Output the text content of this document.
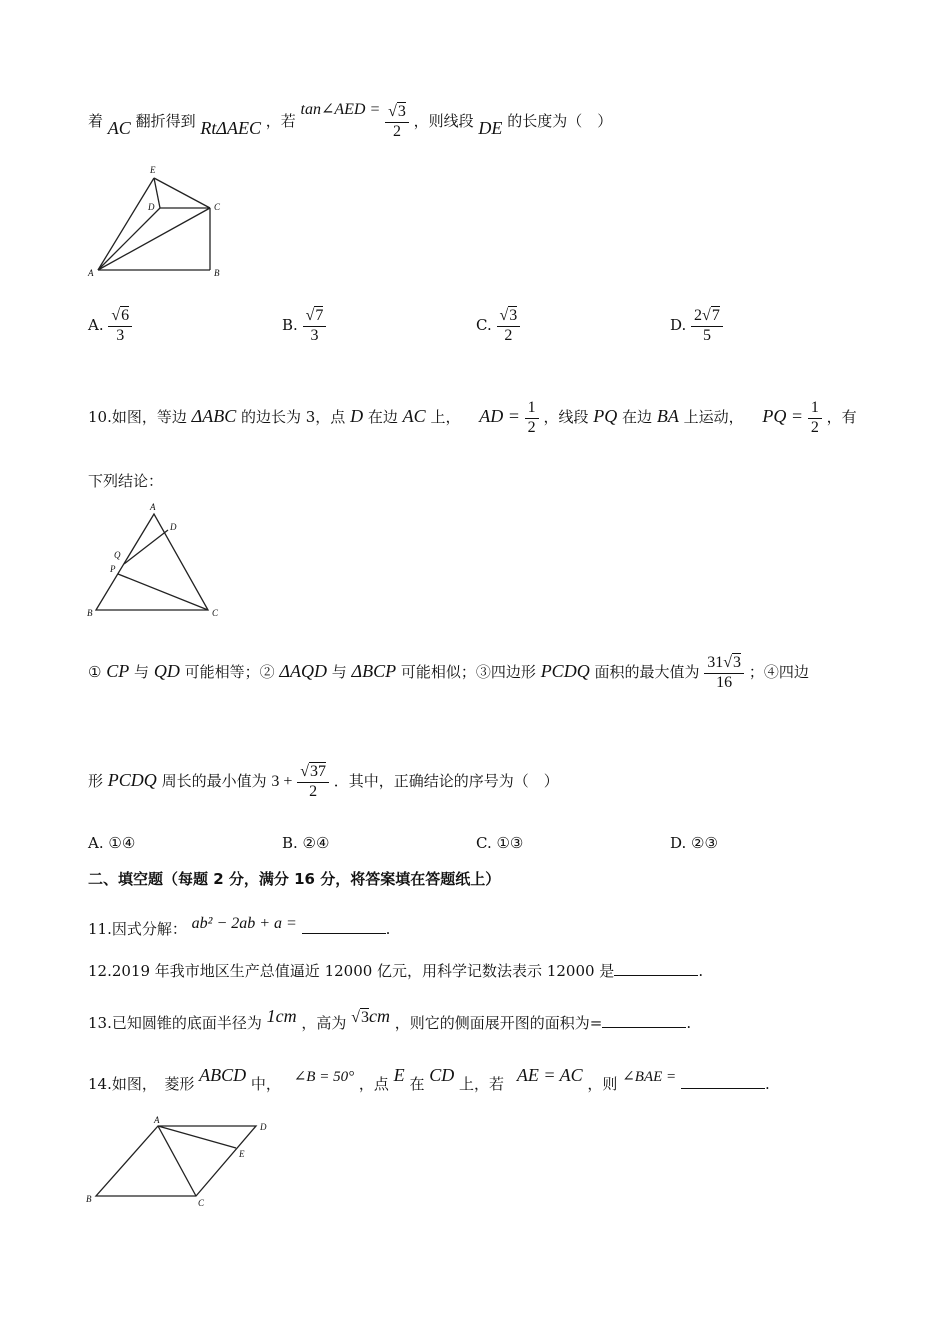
着 AC 翻折得到 RtΔAEC ，若 tan∠AED = $\frac{√3}{2}$ ，则线段 DE 的长度为（　）
E
D	C
A	B
A. $\frac{√6}{3}$	B. $\frac{√7}{3}$	C. $\frac{√3}{2}$	D. $\frac{2√7}{5}$
10.如图，等边 ΔABC 的边长为 3，点 D 在边 AC 上， AD = $\frac{1}{2}$ ，线段 PQ 在边 BA 上运动， PQ = $\frac{1}{2}$ ，有
下列结论：
A
D
Q
P
B	C
① CP 与 QD 可能相等；② ΔAQD 与 ΔBCP 可能相似；③四边形 PCDQ 面积的最大值为 $\frac{31√3}{16}$ ；④四边
形 PCDQ 周长的最小值为 $3 + \frac{√37}{2}$ ．其中，正确结论的序号为（　）
A. ①④	B. ②④	C. ①③	D. ②③
二、填空题（每题 2 分，满分 16 分，将答案填在答题纸上）
11.因式分解： ab² − 2ab + a =	.
12.2019 年我市地区生产总值逼近 12000 亿元，用科学记数法表示 12000 是	.
13.已知圆锥的底面半径为 1cm ，高为 √3cm ，则它的侧面展开图的面积为=	.
14.如图，　菱形 ABCD 中， ∠B = 50° ，点 E 在 CD 上，若 AE = AC ，则 ∠BAE =	.
A
D
E
B	C
